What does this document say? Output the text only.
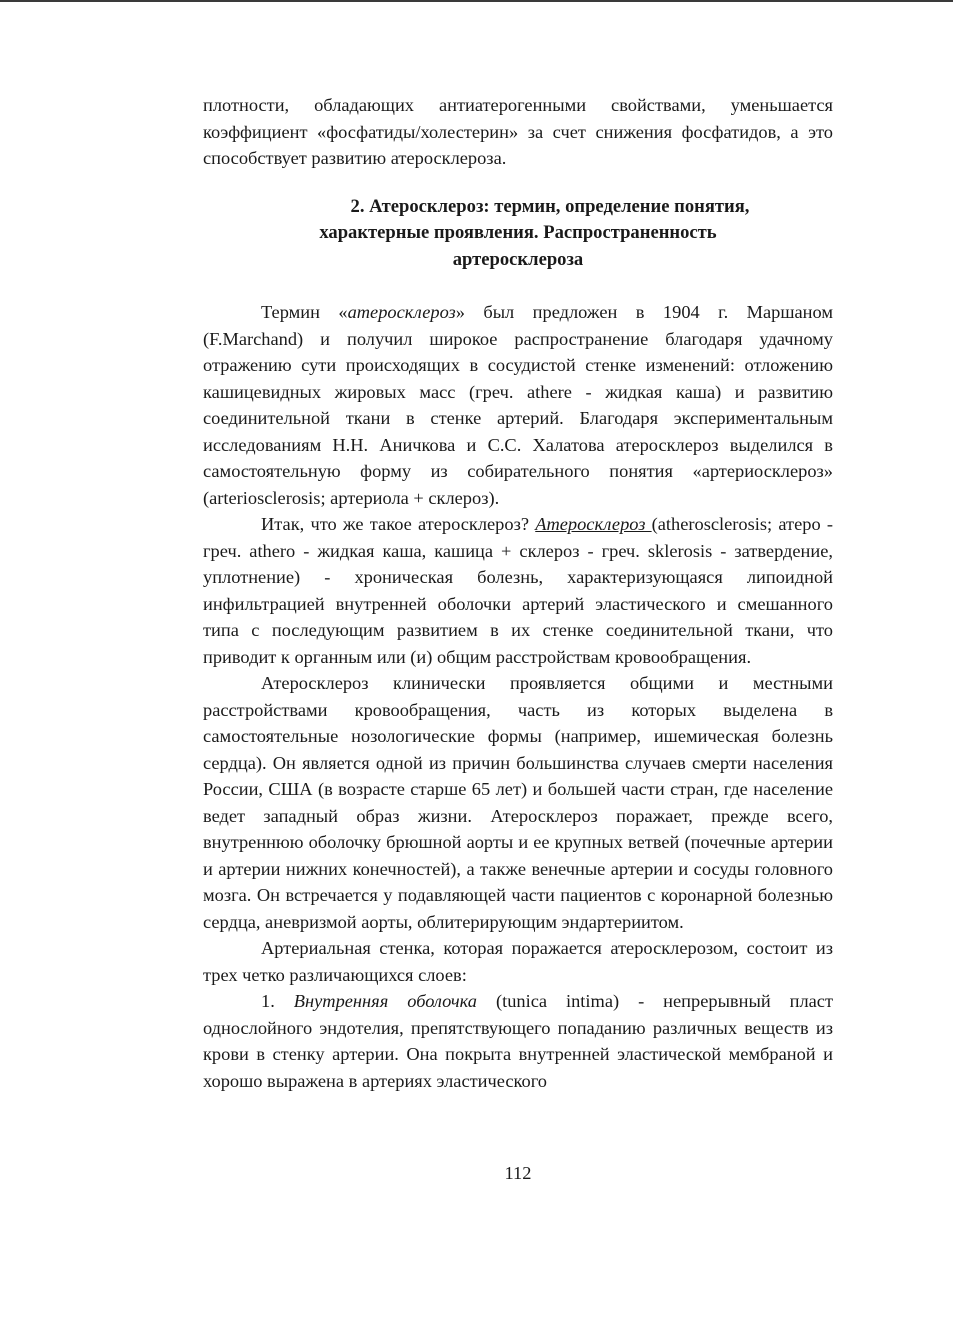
плотности, обладающих антиатерогенными свойствами, уменьшается коэффициент «фосфатиды/холестерин» за счет снижения фосфатидов, а это способствует развитию атеросклероза.

2. Атеросклероз: термин, определение понятия,
характерные проявления. Распространенность
артеросклероза

Термин «атеросклероз» был предложен в 1904 г. Маршаном (F.Marchand) и получил широкое распространение благодаря удачному отражению сути происходящих в сосудистой стенке изменений: отложению кашицевидных жировых масс (греч. athere - жидкая каша) и развитию соединительной ткани в стенке артерий. Благодаря экспериментальным исследованиям Н.Н. Аничкова и С.С. Халатова атеросклероз выделился в самостоятельную форму из собирательного понятия «артериосклероз» (arteriosclerosis; артериола + склероз).

Итак, что же такое атеросклероз? Атеросклероз (atherosclerosis; атеро - греч. athero - жидкая каша, кашица + склероз - греч. sklerosis - затвердение, уплотнение) - хроническая болезнь, характеризующаяся липоидной инфильтрацией внутренней оболочки артерий эластического и смешанного типа с последующим развитием в их стенке соединительной ткани, что приводит к органным или (и) общим расстройствам кровообращения.

Атеросклероз клинически проявляется общими и местными расстройствами кровообращения, часть из которых выделена в самостоятельные нозологические формы (например, ишемическая болезнь сердца). Он является одной из причин большинства случаев смерти населения России, США (в возрасте старше 65 лет) и большей части стран, где население ведет западный образ жизни. Атеросклероз поражает, прежде всего, внутреннюю оболочку брюшной аорты и ее крупных ветвей (почечные артерии и артерии нижних конечностей), а также венечные артерии и сосуды головного мозга. Он встречается у подавляющей части пациентов с коронарной болезнью сердца, аневризмой аорты, облитерирующим эндартериитом.

Артериальная стенка, которая поражается атеросклерозом, состоит из трех четко различающихся слоев:

1. Внутренняя оболочка (tunica intima) - непрерывный пласт однослойного эндотелия, препятствующего попаданию различных веществ из крови в стенку артерии. Она покрыта внутренней эластической мембраной и хорошо выражена в артериях эластического

112
